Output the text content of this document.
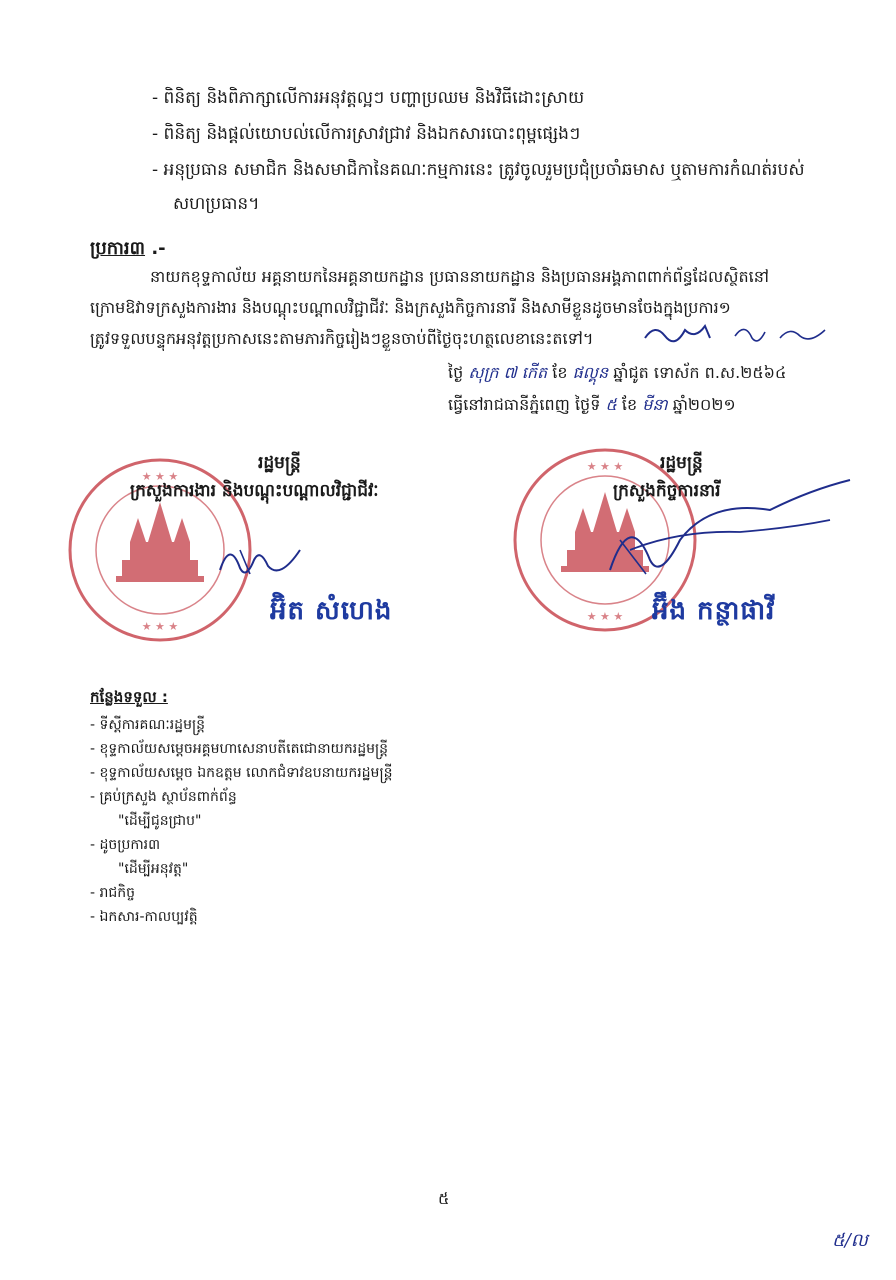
- ពិនិត្យ និងពិភាក្សាលើការអនុវត្តល្អៗ បញ្ហាប្រឈម និងវិធីដោះស្រាយ
- ពិនិត្យ និងផ្តល់យោបល់លើការស្រាវជ្រាវ និងឯកសារបោះពុម្ពផ្សេងៗ
- អនុប្រធាន សមាជិក និងសមាជិកានៃគណៈកម្មការនេះ ត្រូវចូលរួមប្រជុំប្រចាំឆមាស ឬតាមការកំណត់របស់
សហប្រធាន។
ប្រការ៣ .-
នាយកខុទ្ទកាល័យ អគ្គនាយកនៃអគ្គនាយកដ្ឋាន ប្រធាននាយកដ្ឋាន និងប្រធានអង្គភាពពាក់ព័ន្ធដែលស្ថិតនៅ
ក្រោមឱវាទក្រសួងការងារ និងបណ្តុះបណ្តាលវិជ្ជាជីវៈ និងក្រសួងកិច្ចការនារី និងសាមីខ្លួនដូចមានចែងក្នុងប្រការ១
ត្រូវទទួលបន្ទុកអនុវត្តប្រកាសនេះតាមភារកិច្ចរៀងៗខ្លួនចាប់ពីថ្ងៃចុះហត្ថលេខានេះតទៅ។
ថ្ងៃ សុក្រ ៧ កើត ខែ ផល្គុន ឆ្នាំជូត ទោស័ក ព.ស.២៥៦៤
ធ្វើនៅរាជធានីភ្នំពេញ ថ្ងៃទី ៥ ខែ មីនា ឆ្នាំ២០២១
★ ★ ★
★ ★ ★
★ ★ ★
★ ★ ★
រដ្ឋមន្ត្រី
ក្រសួងការងារ និងបណ្តុះបណ្តាលវិជ្ជាជីវៈ
អ៊ិត សំហេង
រដ្ឋមន្ត្រី
ក្រសួងកិច្ចការនារី
អ៊ឹង កន្ថាផាវី
កន្លែងទទួល :
- ទីស្តីការគណៈរដ្ឋមន្ត្រី
- ខុទ្ទកាល័យសម្តេចអគ្គមហាសេនាបតីតេជោនាយករដ្ឋមន្ត្រី
- ខុទ្ទកាល័យសម្តេច ឯកឧត្តម លោកជំទាវឧបនាយករដ្ឋមន្ត្រី
- គ្រប់ក្រសួង ស្ថាប័នពាក់ព័ន្ធ
"ដើម្បីជូនជ្រាប"
- ដូចប្រការ៣
"ដើម្បីអនុវត្ត"
- រាជកិច្ច
- ឯកសារ-កាលប្បវត្តិ
៥
៥/ល
